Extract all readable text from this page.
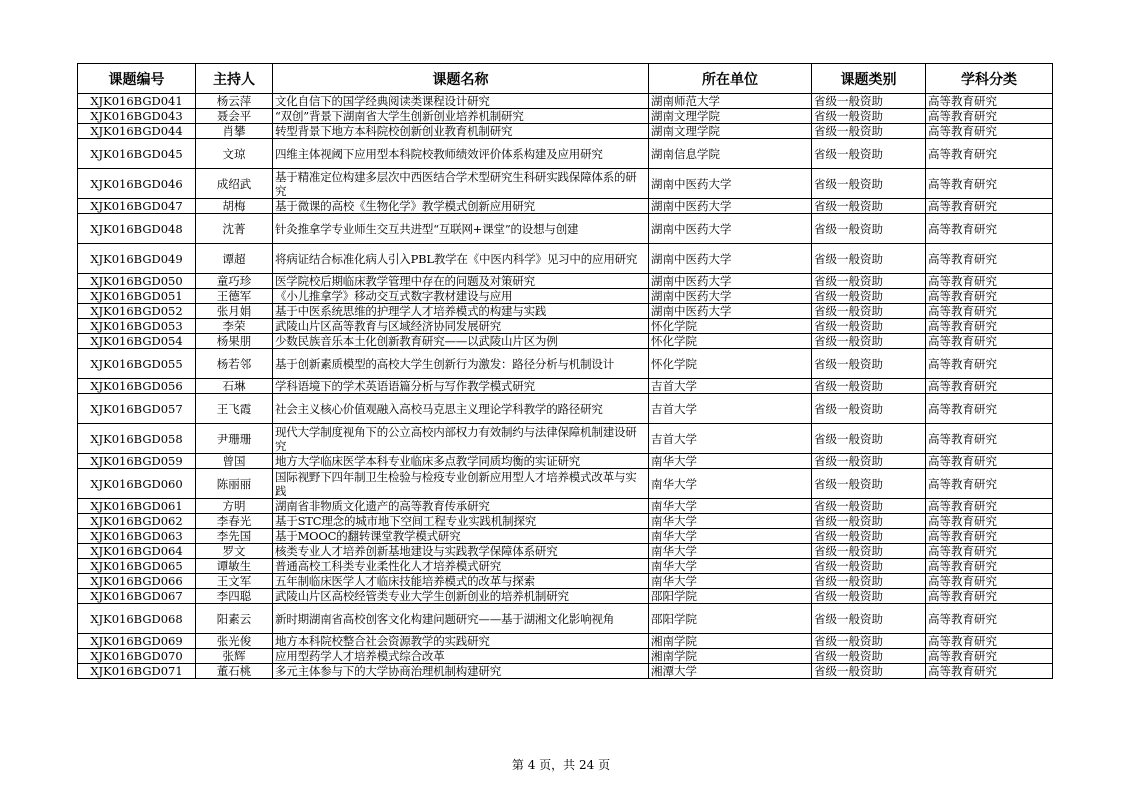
课题编号	主持人	课题名称	所在单位	课题类别	学科分类
XJK016BGD041	杨云萍	文化自信下的国学经典阅读类课程设计研究	湖南师范大学	省级一般资助	高等教育研究
XJK016BGD043	聂会平	“双创”背景下湖南省大学生创新创业培养机制研究	湖南文理学院	省级一般资助	高等教育研究
XJK016BGD044	肖攀	转型背景下地方本科院校创新创业教育机制研究	湖南文理学院	省级一般资助	高等教育研究
XJK016BGD045	文琼	四维主体视阈下应用型本科院校教师绩效评价体系构建及应用研究	湖南信息学院	省级一般资助	高等教育研究
XJK016BGD046	成绍武	基于精准定位构建多层次中西医结合学术型研究生科研实践保障体系的研究	湖南中医药大学	省级一般资助	高等教育研究
XJK016BGD047	胡梅	基于微课的高校《生物化学》教学模式创新应用研究	湖南中医药大学	省级一般资助	高等教育研究
XJK016BGD048	沈菁	针灸推拿学专业师生交互共进型“互联网+课堂”的设想与创建	湖南中医药大学	省级一般资助	高等教育研究
XJK016BGD049	谭超	将病证结合标准化病人引入PBL教学在《中医内科学》见习中的应用研究	湖南中医药大学	省级一般资助	高等教育研究
XJK016BGD050	童巧珍	医学院校后期临床教学管理中存在的问题及对策研究	湖南中医药大学	省级一般资助	高等教育研究
XJK016BGD051	王德军	《小儿推拿学》移动交互式数字教材建设与应用	湖南中医药大学	省级一般资助	高等教育研究
XJK016BGD052	张月娟	基于中医系统思维的护理学人才培养模式的构建与实践	湖南中医药大学	省级一般资助	高等教育研究
XJK016BGD053	李荣	武陵山片区高等教育与区域经济协同发展研究	怀化学院	省级一般资助	高等教育研究
XJK016BGD054	杨果朋	少数民族音乐本土化创新教育研究——以武陵山片区为例	怀化学院	省级一般资助	高等教育研究
XJK016BGD055	杨若邻	基于创新素质模型的高校大学生创新行为激发：路径分析与机制设计	怀化学院	省级一般资助	高等教育研究
XJK016BGD056	石琳	学科语境下的学术英语语篇分析与写作教学模式研究	吉首大学	省级一般资助	高等教育研究
XJK016BGD057	王飞霞	社会主义核心价值观融入高校马克思主义理论学科教学的路径研究	吉首大学	省级一般资助	高等教育研究
XJK016BGD058	尹珊珊	现代大学制度视角下的公立高校内部权力有效制约与法律保障机制建设研究	吉首大学	省级一般资助	高等教育研究
XJK016BGD059	曾国	地方大学临床医学本科专业临床多点教学同质均衡的实证研究	南华大学	省级一般资助	高等教育研究
XJK016BGD060	陈丽丽	国际视野下四年制卫生检验与检疫专业创新应用型人才培养模式改革与实践	南华大学	省级一般资助	高等教育研究
XJK016BGD061	方明	湖南省非物质文化遗产的高等教育传承研究	南华大学	省级一般资助	高等教育研究
XJK016BGD062	李春光	基于STC理念的城市地下空间工程专业实践机制探究	南华大学	省级一般资助	高等教育研究
XJK016BGD063	李先国	基于MOOC的翻转课堂教学模式研究	南华大学	省级一般资助	高等教育研究
XJK016BGD064	罗文	核类专业人才培养创新基地建设与实践教学保障体系研究	南华大学	省级一般资助	高等教育研究
XJK016BGD065	谭敏生	普通高校工科类专业柔性化人才培养模式研究	南华大学	省级一般资助	高等教育研究
XJK016BGD066	王文军	五年制临床医学人才临床技能培养模式的改革与探索	南华大学	省级一般资助	高等教育研究
XJK016BGD067	李四聪	武陵山片区高校经管类专业大学生创新创业的培养机制研究	邵阳学院	省级一般资助	高等教育研究
XJK016BGD068	阳素云	新时期湖南省高校创客文化构建问题研究——基于湖湘文化影响视角	邵阳学院	省级一般资助	高等教育研究
XJK016BGD069	张光俊	地方本科院校整合社会资源教学的实践研究	湘南学院	省级一般资助	高等教育研究
XJK016BGD070	张辉	应用型药学人才培养模式综合改革	湘南学院	省级一般资助	高等教育研究
XJK016BGD071	董石桃	多元主体参与下的大学协商治理机制构建研究	湘潭大学	省级一般资助	高等教育研究
第 4 页，共 24 页
